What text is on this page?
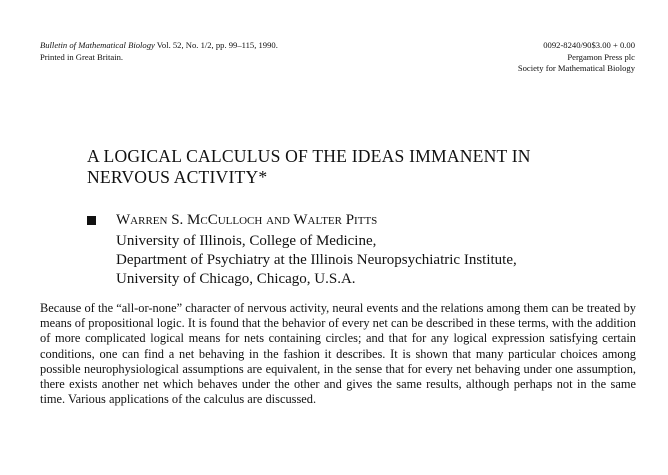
Bulletin of Mathematical Biology Vol. 52, No. 1/2, pp. 99–115, 1990.
Printed in Great Britain.
0092-8240/90$3.00 + 0.00
Pergamon Press plc
Society for Mathematical Biology
A LOGICAL CALCULUS OF THE IDEAS IMMANENT IN
NERVOUS ACTIVITY*
Warren S. McCulloch and Walter Pitts
University of Illinois, College of Medicine,
Department of Psychiatry at the Illinois Neuropsychiatric Institute,
University of Chicago, Chicago, U.S.A.

Because of the “all-or-none” character of nervous activity, neural events and the relations among them can be treated by means of propositional logic. It is found that the behavior of every net can be described in these terms, with the addition of more complicated logical means for nets containing circles; and that for any logical expression satisfying certain conditions, one can find a net behaving in the fashion it describes. It is shown that many particular choices among possible neurophysiological assumptions are equivalent, in the sense that for every net behaving under one assumption, there exists another net which behaves under the other and gives the same results, although perhaps not in the same time. Various applications of the calculus are discussed.
